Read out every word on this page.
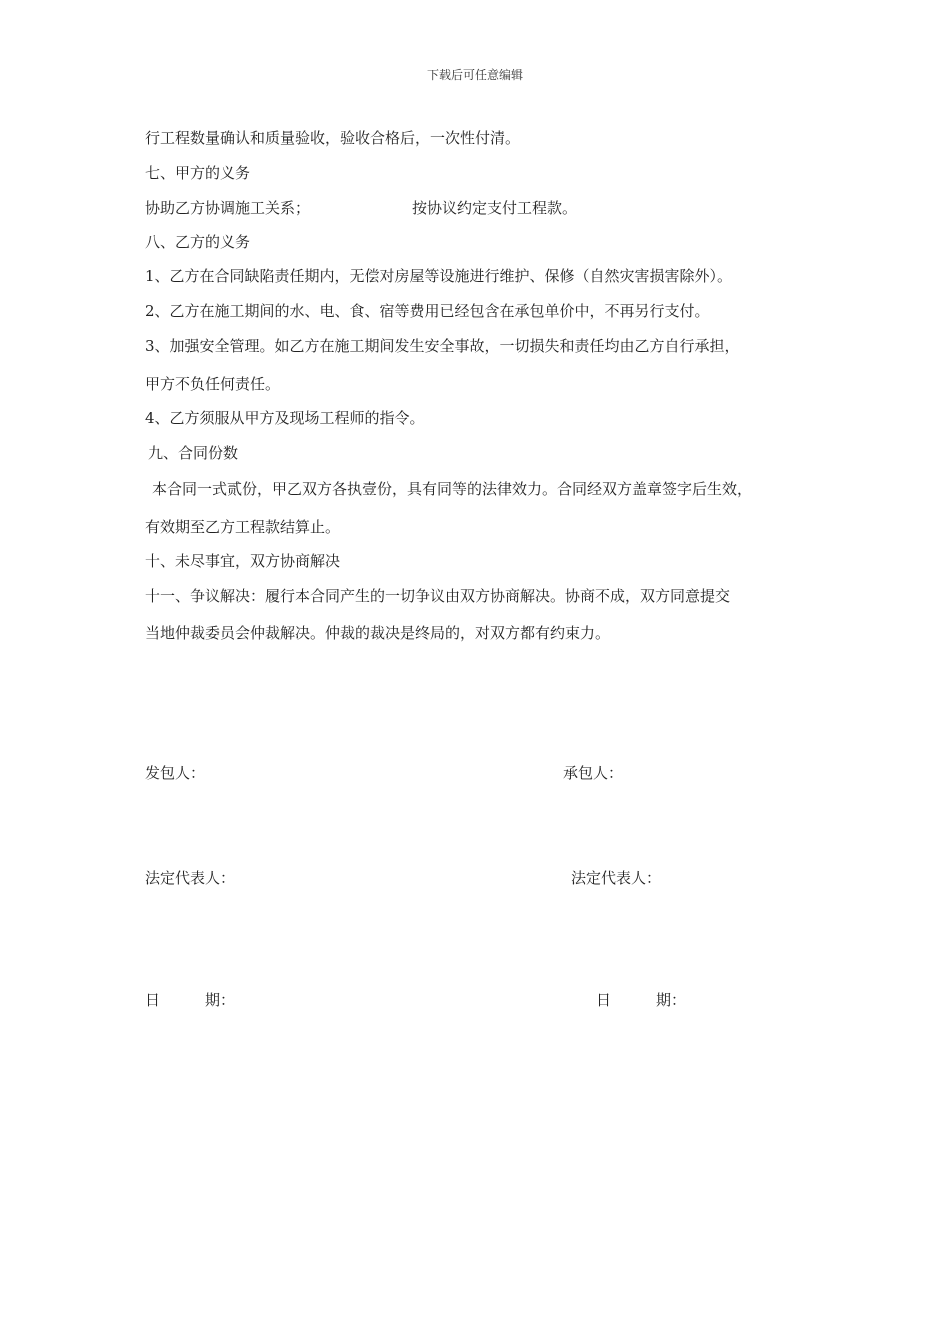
下载后可任意编辑
行工程数量确认和质量验收，验收合格后，一次性付清。
七、甲方的义务
协助乙方协调施工关系；	按协议约定支付工程款。
八、乙方的义务
1、乙方在合同缺陷责任期内，无偿对房屋等设施进行维护、保修（自然灾害损害除外）。
2、乙方在施工期间的水、电、食、宿等费用已经包含在承包单价中，不再另行支付。
3、加强安全管理。如乙方在施工期间发生安全事故，一切损失和责任均由乙方自行承担，
甲方不负任何责任。
4、乙方须服从甲方及现场工程师的指令。
九、合同份数
本合同一式贰份，甲乙双方各执壹份，具有同等的法律效力。合同经双方盖章签字后生效，
有效期至乙方工程款结算止。
十、未尽事宜，双方协商解决
十一、争议解决：履行本合同产生的一切争议由双方协商解决。协商不成，双方同意提交
当地仲裁委员会仲裁解决。仲裁的裁决是终局的，对双方都有约束力。
发包人：	承包人：
法定代表人：	法定代表人：
日	期：	日	期：
